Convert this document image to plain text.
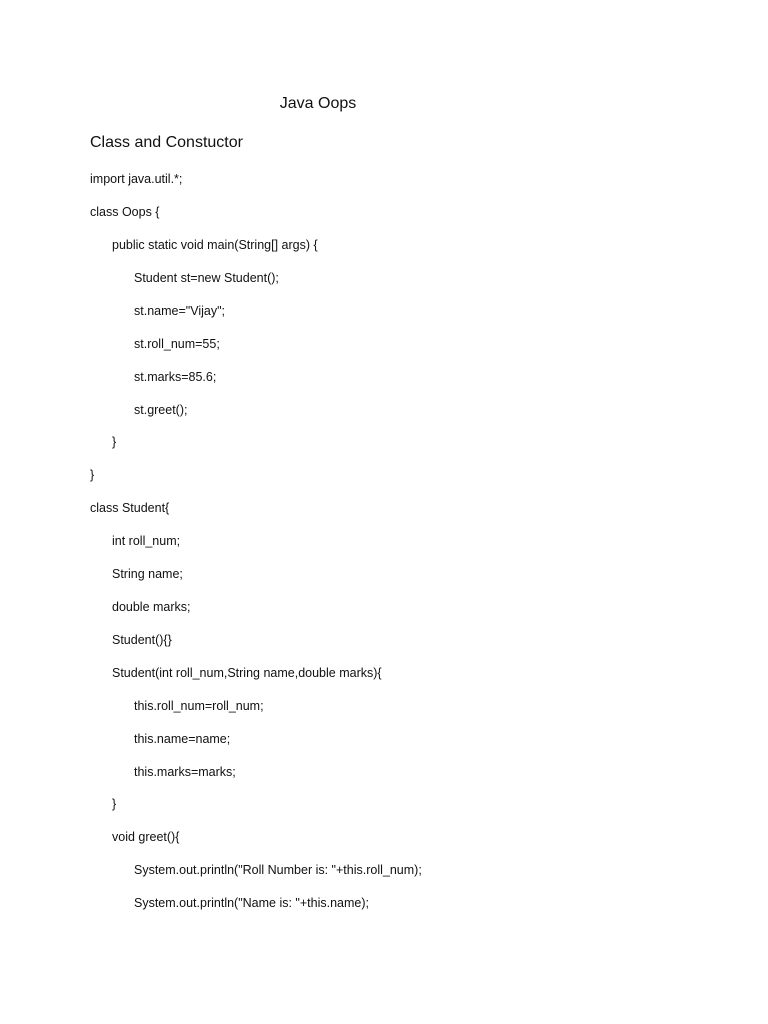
Java Oops
Class and Constuctor
import java.util.*;
class Oops {
public static void main(String[] args) {
Student st=new Student();
st.name="Vijay";
st.roll_num=55;
st.marks=85.6;
st.greet();
}
}
class Student{
int roll_num;
String name;
double marks;
Student(){}
Student(int roll_num,String name,double marks){
this.roll_num=roll_num;
this.name=name;
this.marks=marks;
}
void greet(){
System.out.println("Roll Number is: "+this.roll_num);
System.out.println("Name is: "+this.name);
